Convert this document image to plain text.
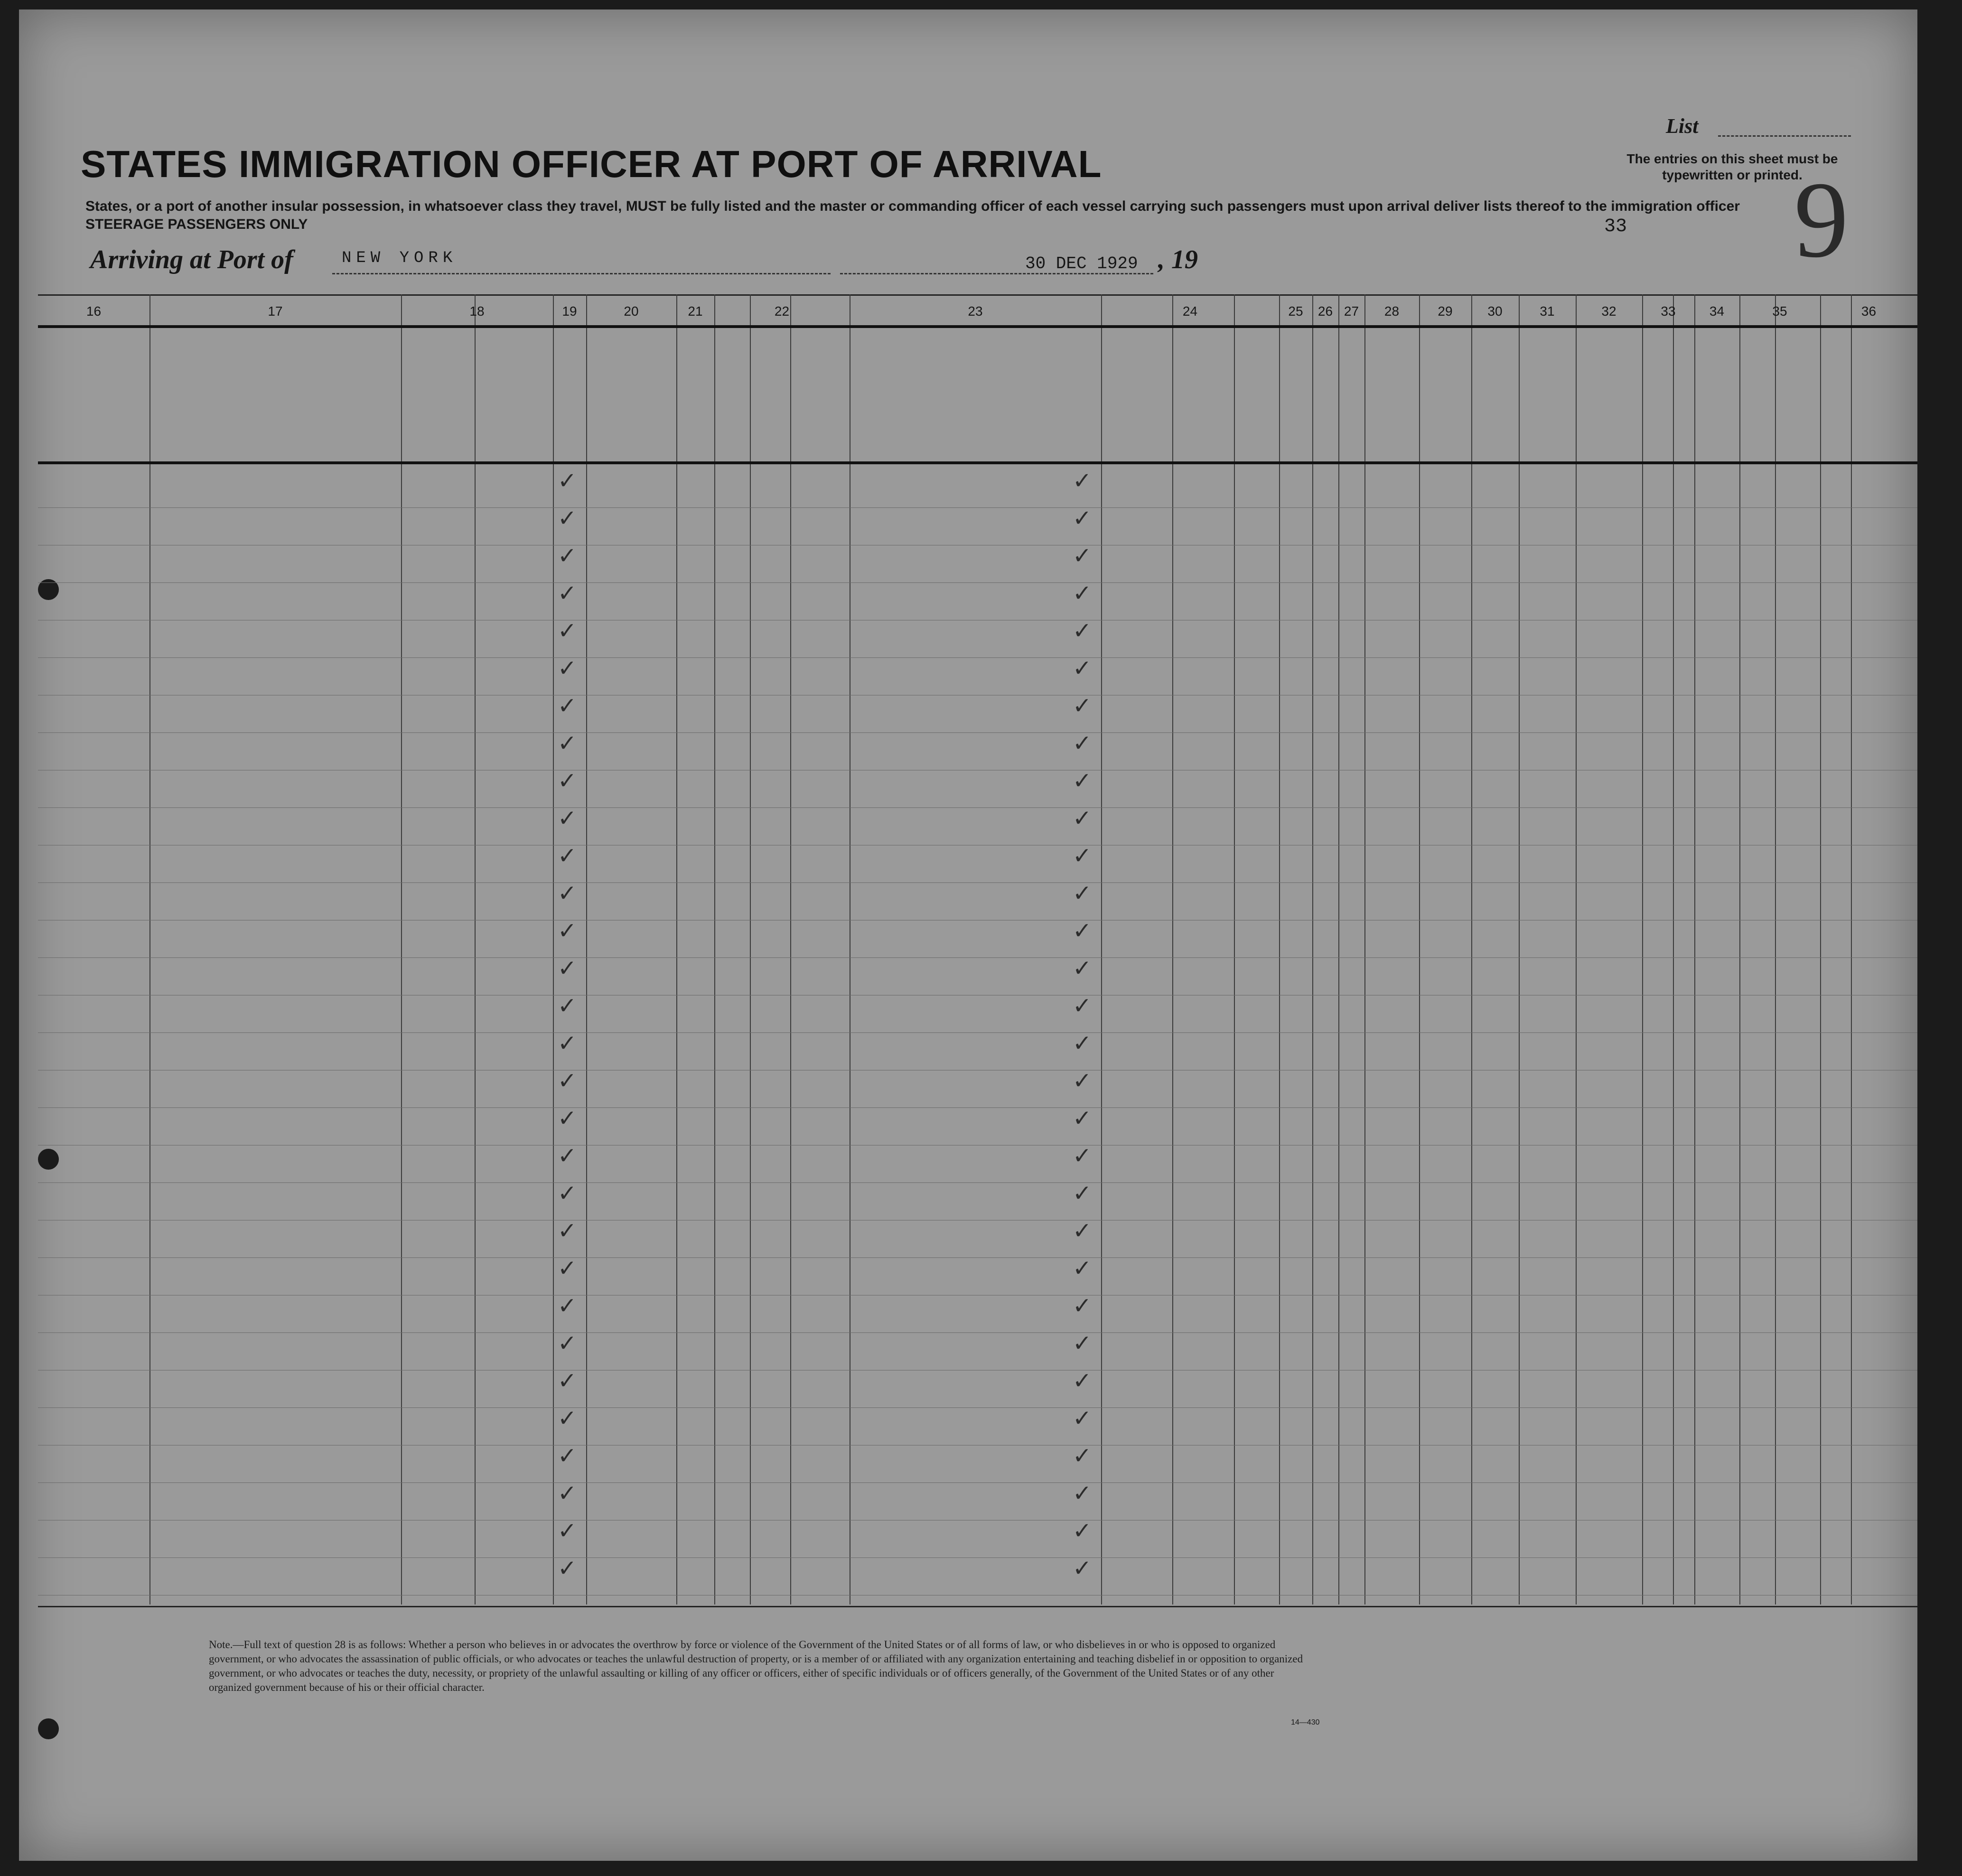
STATES IMMIGRATION OFFICER AT PORT OF ARRIVAL
States, or a port of another insular possession, in whatsoever class they travel, MUST be fully listed and the master or commanding officer of each vessel carrying such passengers must upon arrival deliver lists thereof to the immigration officer
STEERAGE PASSENGERS ONLY
Arriving at Port of	NEW YORK	30 DEC 1929 , 19
List
The entries on this sheet must be typewritten or printed.
33 9
16	17	18	19	20	21	22	23	24	25	26 27	28	29	30	31	32	33	34	35	36
✓	✓
✓	✓
✓	✓
✓	✓
✓	✓
✓	✓
✓	✓
✓	✓
✓	✓
✓	✓
✓	✓
✓	✓
✓	✓
✓	✓
✓	✓
✓	✓
✓	✓
✓	✓
✓	✓
✓	✓
✓	✓
✓	✓
✓	✓
✓	✓
✓	✓
✓	✓
✓	✓
✓	✓
✓	✓
✓	✓
Note.—Full text of question 28 is as follows: Whether a person who believes in or advocates the overthrow by force or violence of the Government of the United States or of all forms of law, or who disbelieves in or who is opposed to organized government, or who advocates the assassination of public officials, or who advocates or teaches the unlawful destruction of property, or is a member of or affiliated with any organization entertaining and teaching disbelief in or opposition to organized government, or who advocates or teaches the duty, necessity, or propriety of the unlawful assaulting or killing of any officer or officers, either of specific individuals or of officers generally, of the Government of the United States or of any other organized government because of his or their official character.
14—430
